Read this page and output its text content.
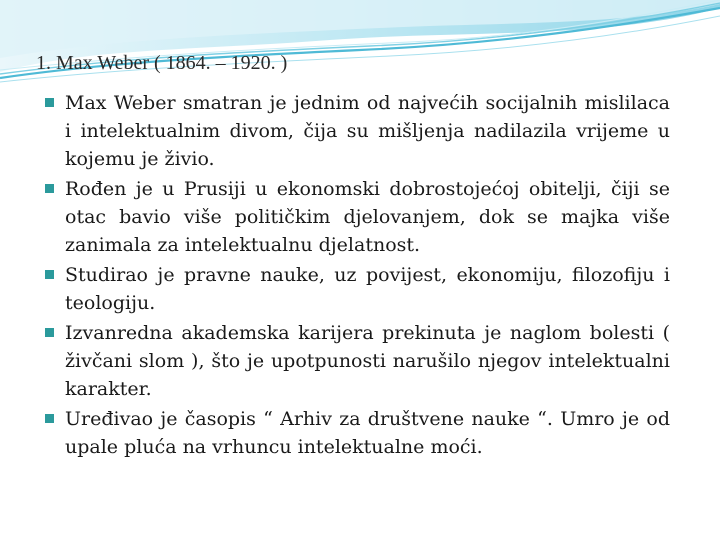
1. Max Weber ( 1864. – 1920. )
Max Weber smatran je jednim od najvećih socijalnih mislilaca i intelektualnim divom, čija su mišljenja nadilazila vrijeme u kojemu je živio.
Rođen je u Prusiji u ekonomski dobrostojećoj obitelji, čiji se otac bavio više političkim djelovanjem, dok se majka više zanimala za intelektualnu djelatnost.
Studirao je pravne nauke, uz povijest, ekonomiju, filozofiju i teologiju.
Izvanredna akademska karijera prekinuta je naglom bolesti ( živčani slom ), što je upotpunosti narušilo njegov intelektualni karakter.
Uređivao je časopis “ Arhiv za društvene nauke “. Umro je od upale pluća na vrhuncu intelektualne moći.
